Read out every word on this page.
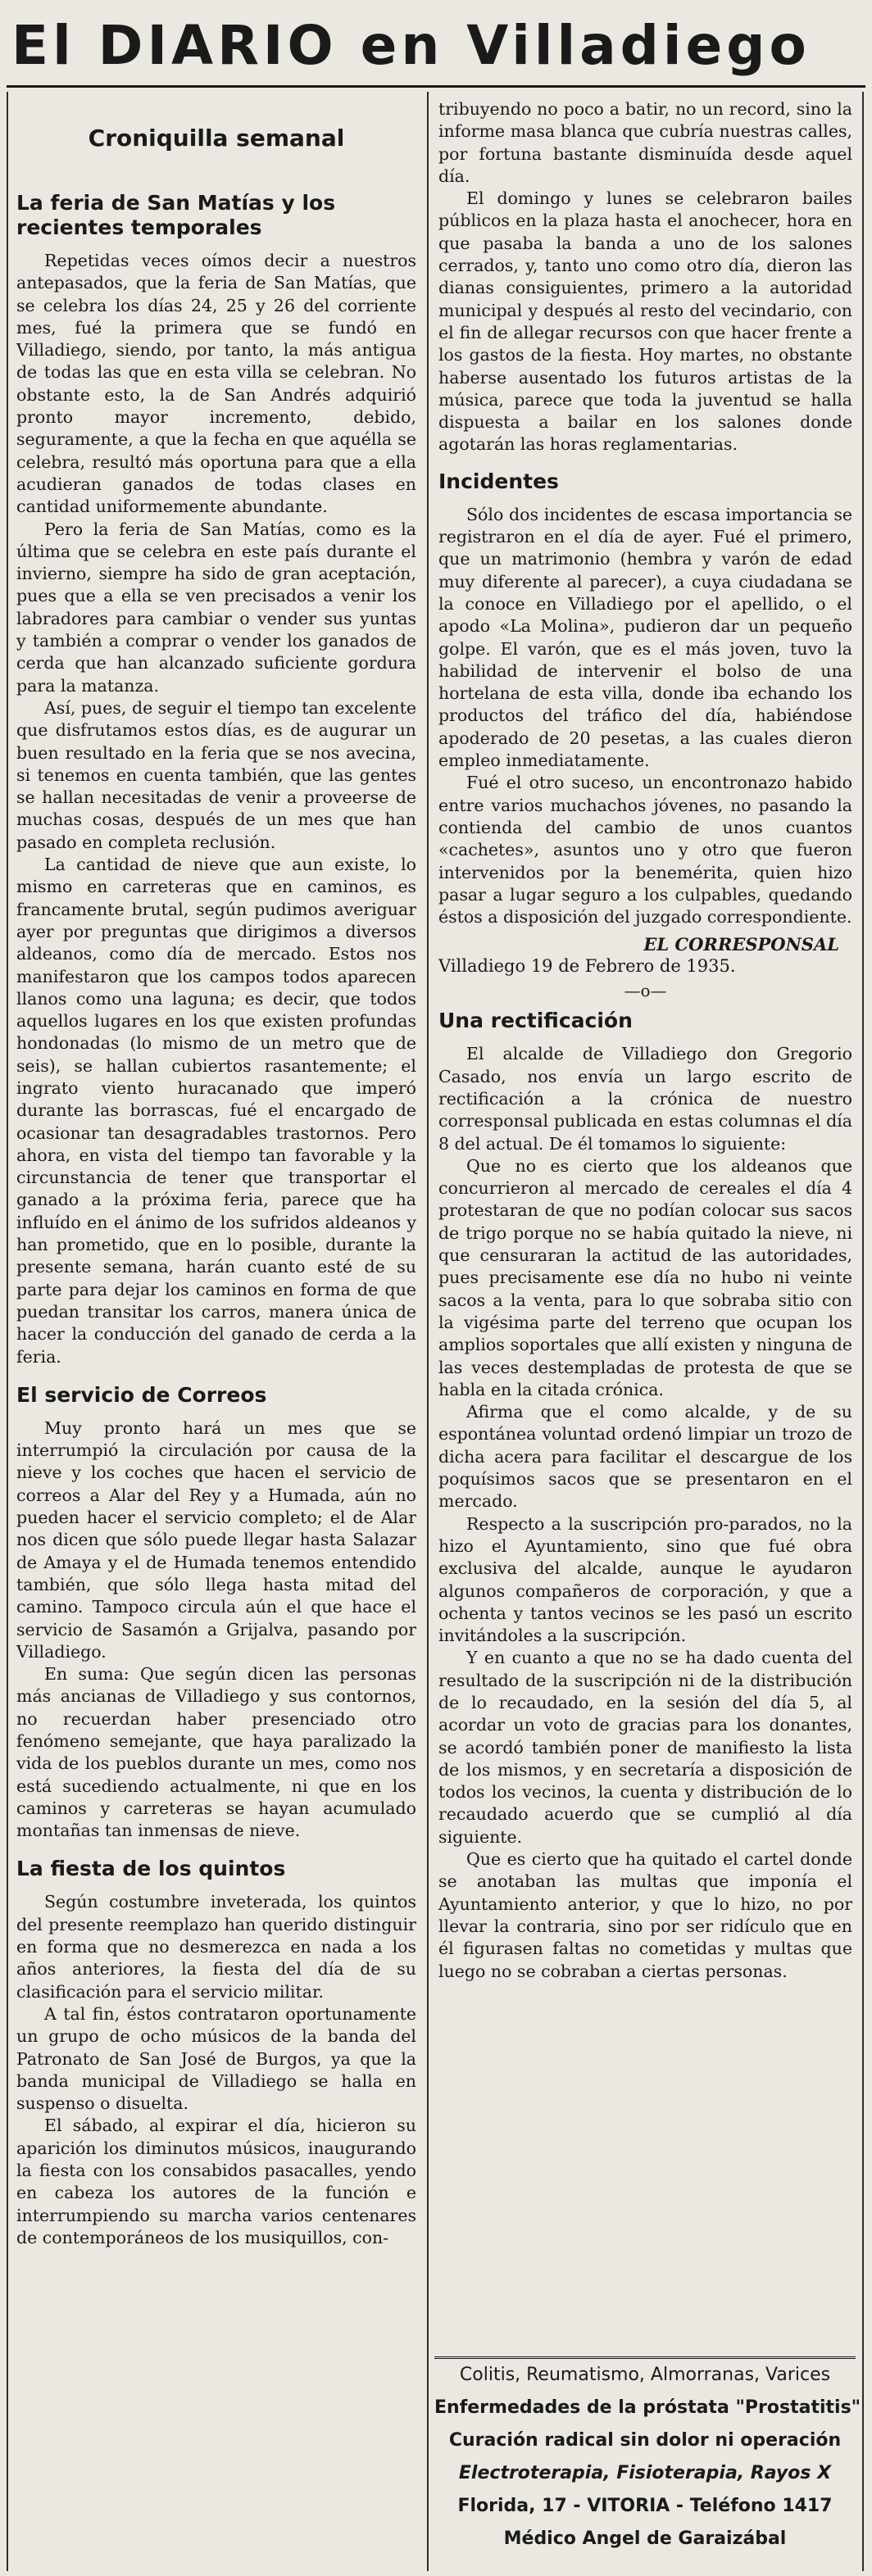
El DIARIO en Villadiego
Croniquilla semanal
La feria de San Matías y los recientes temporales

Repetidas veces oímos decir a nuestros antepasados, que la feria de San Matías, que se celebra los días 24, 25 y 26 del corriente mes, fué la primera que se fundó en Villadiego, siendo, por tanto, la más antigua de todas las que en esta villa se celebran. No obstante esto, la de San Andrés adquirió pronto mayor incremento, debido, seguramente, a que la fecha en que aquélla se celebra, resultó más oportuna para que a ella acudieran ganados de todas clases en cantidad uniformemente abundante.

Pero la feria de San Matías, como es la última que se celebra en este país durante el invierno, siempre ha sido de gran aceptación, pues que a ella se ven precisados a venir los labradores para cambiar o vender sus yuntas y también a comprar o vender los ganados de cerda que han alcanzado suficiente gordura para la matanza.

Así, pues, de seguir el tiempo tan excelente que disfrutamos estos días, es de augurar un buen resultado en la feria que se nos avecina, si tenemos en cuenta también, que las gentes se hallan necesitadas de venir a proveerse de muchas cosas, después de un mes que han pasado en completa reclusión.

La cantidad de nieve que aun existe, lo mismo en carreteras que en caminos, es francamente brutal, según pudimos averiguar ayer por preguntas que dirigimos a diversos aldeanos, como día de mercado. Estos nos manifestaron que los campos todos aparecen llanos como una laguna; es decir, que todos aquellos lugares en los que existen profundas hondonadas (lo mismo de un metro que de seis), se hallan cubiertos rasantemente; el ingrato viento huracanado que imperó durante las borrascas, fué el encargado de ocasionar tan desagradables trastornos. Pero ahora, en vista del tiempo tan favorable y la circunstancia de tener que transportar el ganado a la próxima feria, parece que ha influído en el ánimo de los sufridos aldeanos y han prometido, que en lo posible, durante la presente semana, harán cuanto esté de su parte para dejar los caminos en forma de que puedan transitar los carros, manera única de hacer la conducción del ganado de cerda a la feria.

El servicio de Correos

Muy pronto hará un mes que se interrumpió la circulación por causa de la nieve y los coches que hacen el servicio de correos a Alar del Rey y a Humada, aún no pueden hacer el servicio completo; el de Alar nos dicen que sólo puede llegar hasta Salazar de Amaya y el de Humada tenemos entendido también, que sólo llega hasta mitad del camino. Tampoco circula aún el que hace el servicio de Sasamón a Grijalva, pasando por Villadiego.

En suma: Que según dicen las personas más ancianas de Villadiego y sus contornos, no recuerdan haber presenciado otro fenómeno semejante, que haya paralizado la vida de los pueblos durante un mes, como nos está sucediendo actualmente, ni que en los caminos y carreteras se hayan acumulado montañas tan inmensas de nieve.

La fiesta de los quintos

Según costumbre inveterada, los quintos del presente reemplazo han querido distinguir en forma que no desmerezca en nada a los años anteriores, la fiesta del día de su clasificación para el servicio militar.

A tal fin, éstos contrataron oportunamente un grupo de ocho músicos de la banda del Patronato de San José de Burgos, ya que la banda municipal de Villadiego se halla en suspenso o disuelta.

El sábado, al expirar el día, hicieron su aparición los diminutos músicos, inaugurando la fiesta con los consabidos pasacalles, yendo en cabeza los autores de la función e interrumpiendo su marcha varios centenares de contemporáneos de los musiquillos, con-

tribuyendo no poco a batir, no un record, sino la informe masa blanca que cubría nuestras calles, por fortuna bastante disminuída desde aquel día.

El domingo y lunes se celebraron bailes públicos en la plaza hasta el anochecer, hora en que pasaba la banda a uno de los salones cerrados, y, tanto uno como otro día, dieron las dianas consiguientes, primero a la autoridad municipal y después al resto del vecindario, con el fin de allegar recursos con que hacer frente a los gastos de la fiesta. Hoy martes, no obstante haberse ausentado los futuros artistas de la música, parece que toda la juventud se halla dispuesta a bailar en los salones donde agotarán las horas reglamentarias.

Incidentes

Sólo dos incidentes de escasa importancia se registraron en el día de ayer. Fué el primero, que un matrimonio (hembra y varón de edad muy diferente al parecer), a cuya ciudadana se la conoce en Villadiego por el apellido, o el apodo «La Molina», pudieron dar un pequeño golpe. El varón, que es el más joven, tuvo la habilidad de intervenir el bolso de una hortelana de esta villa, donde iba echando los productos del tráfico del día, habiéndose apoderado de 20 pesetas, a las cuales dieron empleo inmediatamente.

Fué el otro suceso, un encontronazo habido entre varios muchachos jóvenes, no pasando la contienda del cambio de unos cuantos «cachetes», asuntos uno y otro que fueron intervenidos por la benemérita, quien hizo pasar a lugar seguro a los culpables, quedando éstos a disposición del juzgado correspondiente.

EL CORRESPONSAL
Villadiego 19 de Febrero de 1935.
—o—
Una rectificación

El alcalde de Villadiego don Gregorio Casado, nos envía un largo escrito de rectificación a la crónica de nuestro corresponsal publicada en estas columnas el día 8 del actual. De él tomamos lo siguiente:

Que no es cierto que los aldeanos que concurrieron al mercado de cereales el día 4 protestaran de que no podían colocar sus sacos de trigo porque no se había quitado la nieve, ni que censuraran la actitud de las autoridades, pues precisamente ese día no hubo ni veinte sacos a la venta, para lo que sobraba sitio con la vigésima parte del terreno que ocupan los amplios soportales que allí existen y ninguna de las veces destempladas de protesta de que se habla en la citada crónica.

Afirma que el como alcalde, y de su espontánea voluntad ordenó limpiar un trozo de dicha acera para facilitar el descargue de los poquísimos sacos que se presentaron en el mercado.

Respecto a la suscripción pro-parados, no la hizo el Ayuntamiento, sino que fué obra exclusiva del alcalde, aunque le ayudaron algunos compañeros de corporación, y que a ochenta y tantos vecinos se les pasó un escrito invitándoles a la suscripción.

Y en cuanto a que no se ha dado cuenta del resultado de la suscripción ni de la distribución de lo recaudado, en la sesión del día 5, al acordar un voto de gracias para los donantes, se acordó también poner de manifiesto la lista de los mismos, y en secretaría a disposición de todos los vecinos, la cuenta y distribución de lo recaudado acuerdo que se cumplió al día siguiente.

Que es cierto que ha quitado el cartel donde se anotaban las multas que imponía el Ayuntamiento anterior, y que lo hizo, no por llevar la contraria, sino por ser ridículo que en él figurasen faltas no cometidas y multas que luego no se cobraban a ciertas personas.

Colitis, Reumatismo, Almorranas, Varices
Enfermedades de la próstata "Prostatitis"
Curación radical sin dolor ni operación
Electroterapia, Fisioterapia, Rayos X
Florida, 17 - VITORIA - Teléfono 1417
Médico Angel de Garaizábal
